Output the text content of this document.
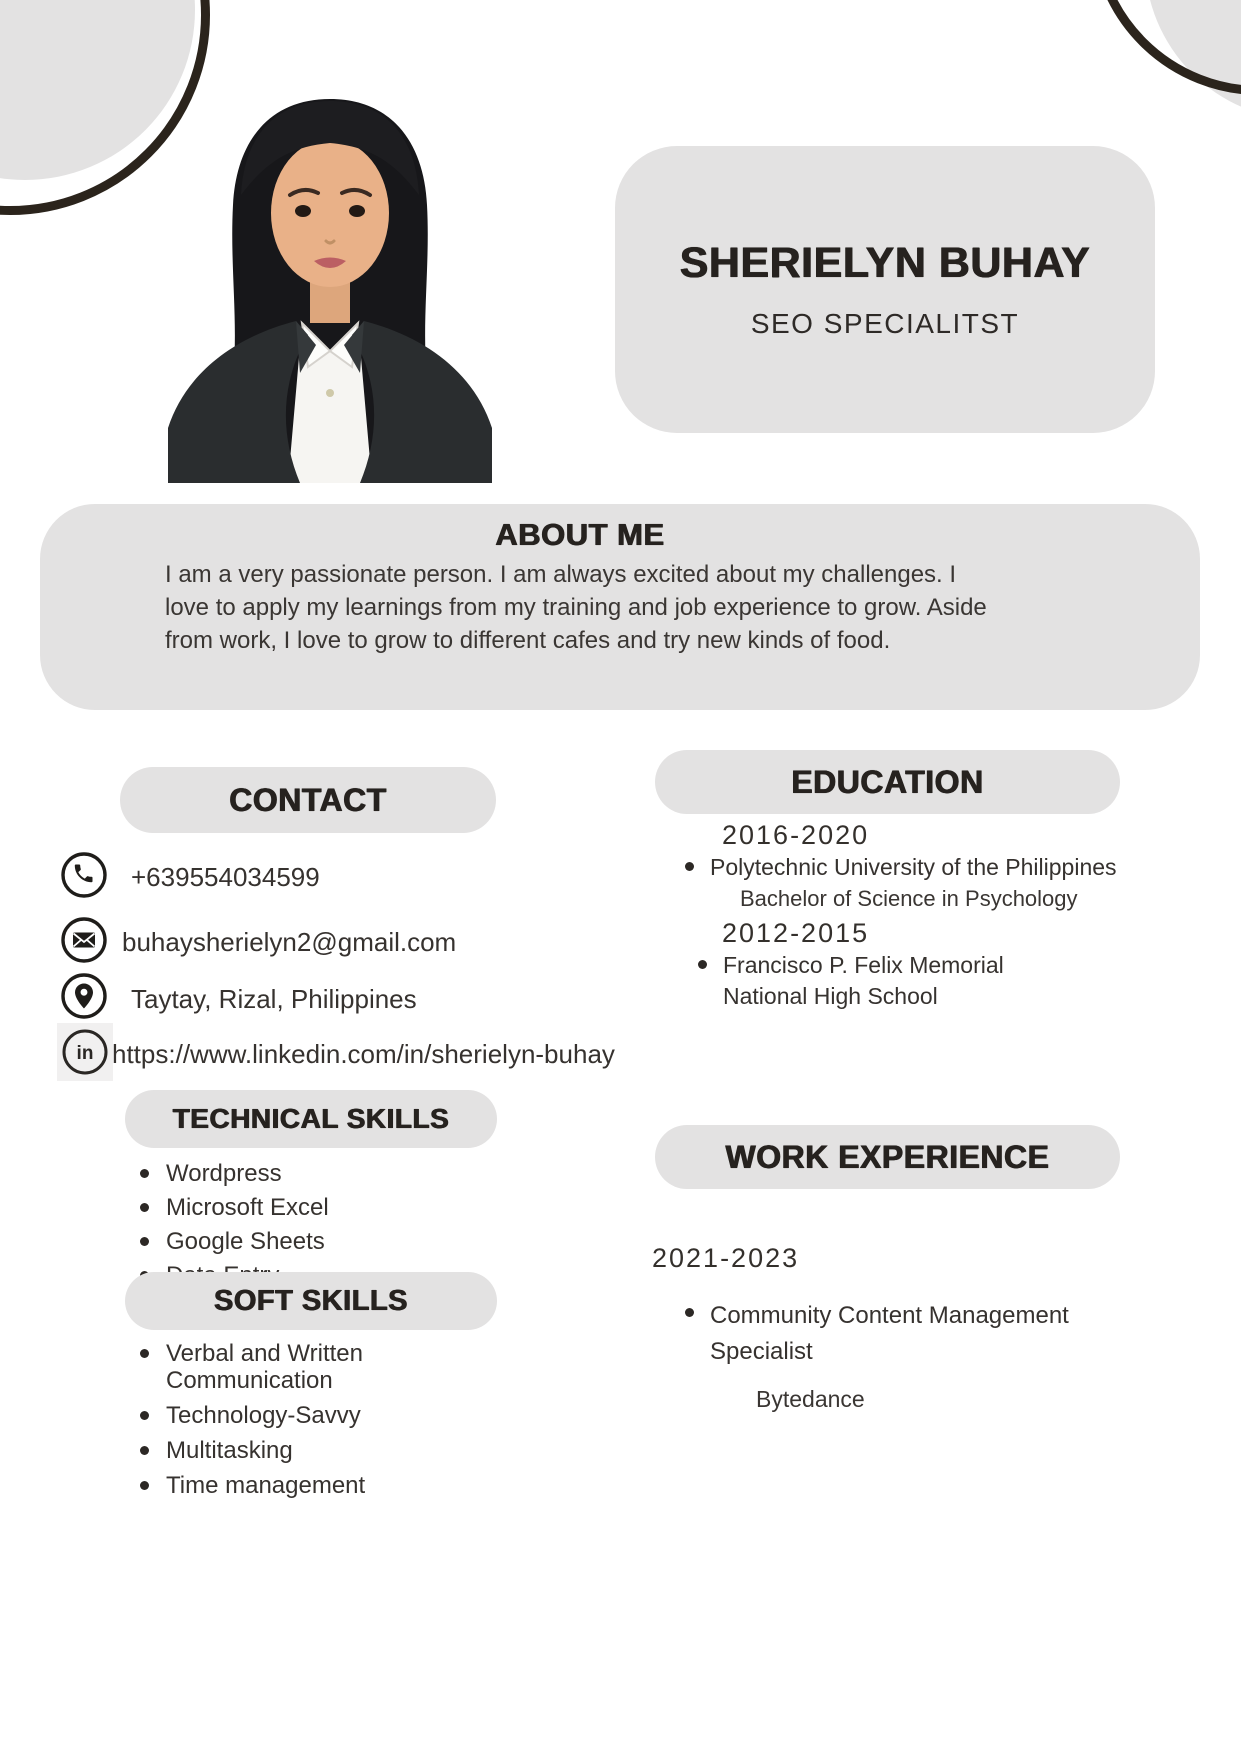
SHERIELYN BUHAY
SEO SPECIALITST
ABOUT ME
I am a very passionate person. I am always excited about my challenges. I love to apply my learnings from my training and job experience to grow. Aside from work, I love to grow to different cafes and try new kinds of food.
CONTACT
+639554034599
buhaysherielyn2@gmail.com
Taytay, Rizal, Philippines
in https://www.linkedin.com/in/sherielyn-buhay
TECHNICAL SKILLS
Wordpress
Microsoft Excel
Google Sheets
SOFT SKILLS
Verbal and Written Communication
Technology-Savvy
Multitasking
Time management
EDUCATION
2016-2020
Polytechnic University of the Philippines
Bachelor of Science in Psychology
2012-2015
Francisco P. Felix Memorial National High School
WORK EXPERIENCE
2021-2023
Community Content Management Specialist
Bytedance
